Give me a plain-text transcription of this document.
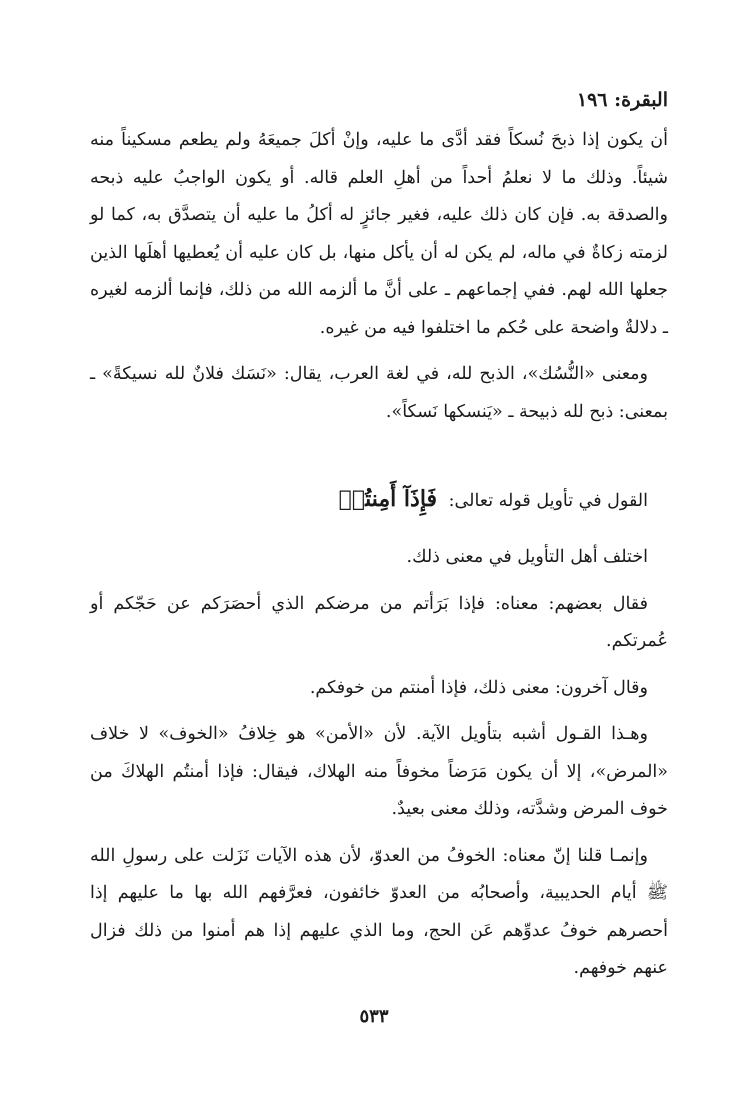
البقرة: ١٩٦

أن يكون إذا ذبحَ نُسكاً فقد أدَّى ما عليه، وإنْ أكلَ جميعَهُ ولم يطعم مسكيناً منه شيئاً. وذلك ما لا نعلمُ أحداً من أهلِ العلم قاله. أو يكون الواجبُ عليه ذبحه والصدقة به. فإن كان ذلك عليه، فغير جائزٍ له أكلُ ما عليه أن يتصدَّق به، كما لو لزمته زكاةٌ في ماله، لم يكن له أن يأكل منها، بل كان عليه أن يُعطيها أهلَها الذين جعلها الله لهم. ففي إجماعهم ـ على أنَّ ما ألزمه الله من ذلك، فإنما ألزمه لغيره ـ دلالةٌ واضحة على حُكم ما اختلفوا فيه من غيره.

ومعنى «النُّسُك»، الذبح لله، في لغة العرب، يقال: «نَسَك فلانٌ لله نسيكةً» ـ بمعنى: ذبح لله ذبيحة ـ «يَنسكها نَسكاً».

القول في تأويل قوله تعالى: فَإِذَآ أَمِنتُمۡ

اختلف أهل التأويل في معنى ذلك.

فقال بعضهم: معناه: فإذا بَرَأتم من مرضكم الذي أحصَرَكم عن حَجّكم أو عُمرتكم.

وقال آخرون: معنى ذلك، فإذا أمنتم من خوفكم.

وهـذا القـول أشبه بتأويل الآية. لأن «الأمن» هو خِلافُ «الخوف» لا خلاف «المرض»، إلا أن يكون مَرَضاً مخوفاً منه الهلاك، فيقال: فإذا أمنتُم الهلاكَ من خوف المرض وشدَّته، وذلك معنى بعيدٌ.

وإنمـا قلنا إنّ معناه: الخوفُ من العدوّ، لأن هذه الآيات نَزَلت على رسولِ الله ﷺ أيام الحديبية، وأصحابُه من العدوّ خائفون، فعرَّفهم الله بها ما عليهم إذا أحصرهم خوفُ عدوِّهم عَن الحج، وما الذي عليهم إذا هم أمنوا من ذلك فزال عنهم خوفهم.

٥٣٣
